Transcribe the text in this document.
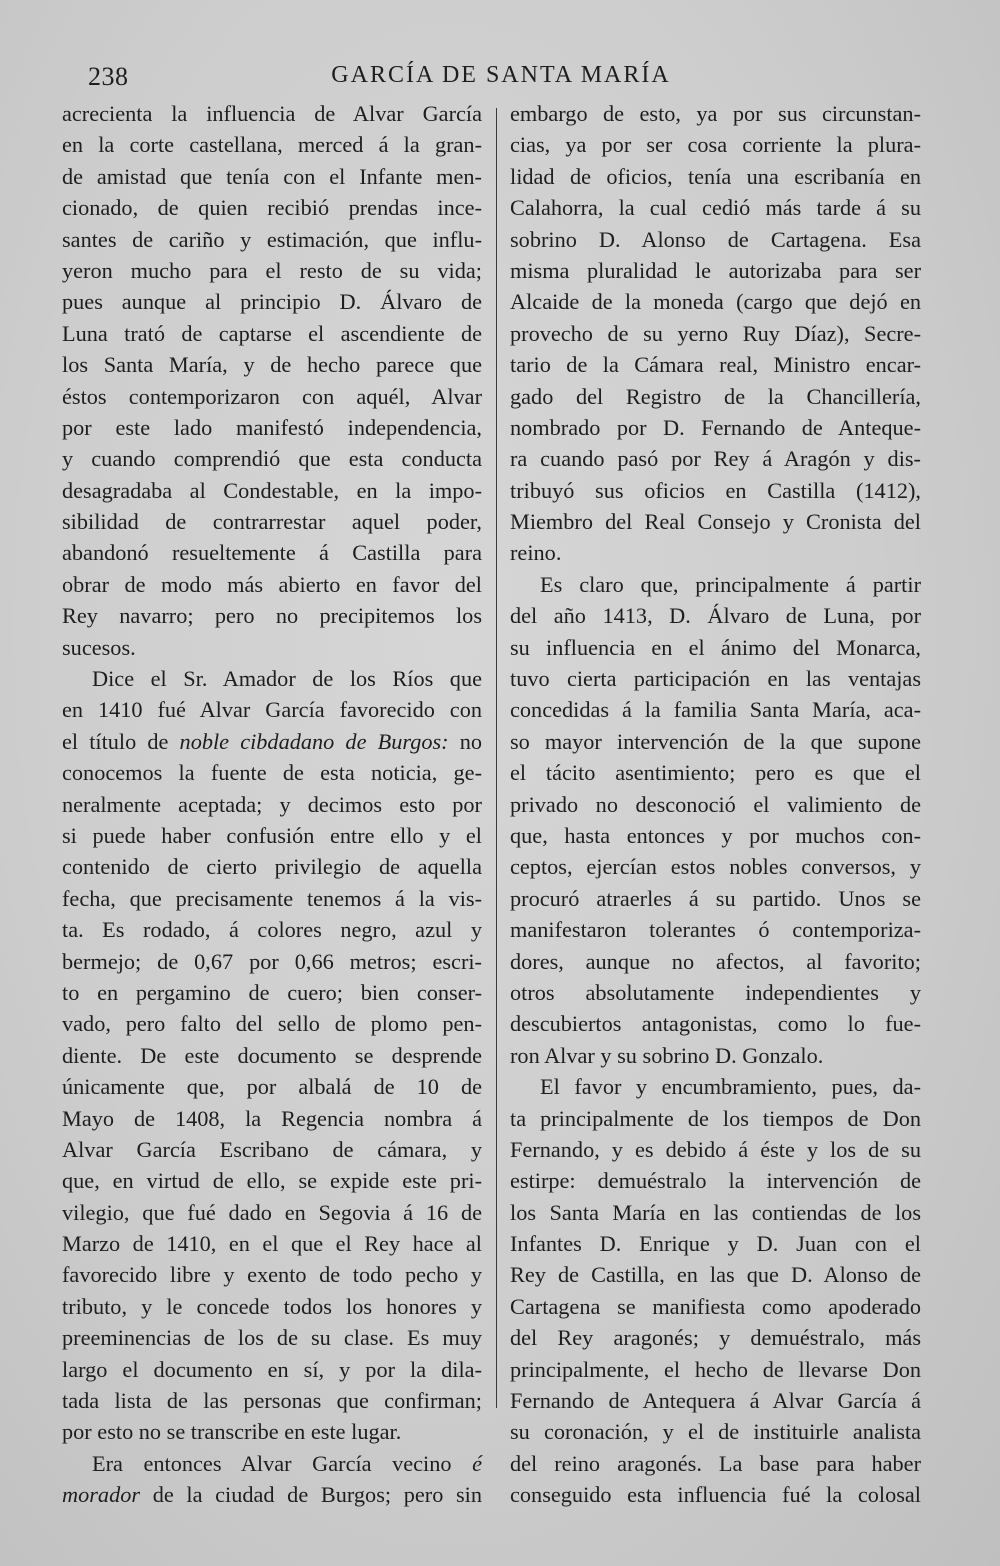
238	GARCÍA DE SANTA MARÍA
acrecienta la influencia de Alvar García
en la corte castellana, merced á la gran-
de amistad que tenía con el Infante men-
cionado, de quien recibió prendas ince-
santes de cariño y estimación, que influ-
yeron mucho para el resto de su vida;
pues aunque al principio D. Álvaro de
Luna trató de captarse el ascendiente de
los Santa María, y de hecho parece que
éstos contemporizaron con aquél, Alvar
por este lado manifestó independencia,
y cuando comprendió que esta conducta
desagradaba al Condestable, en la impo-
sibilidad de contrarrestar aquel poder,
abandonó resueltemente á Castilla para
obrar de modo más abierto en favor del
Rey navarro; pero no precipitemos los
sucesos.
Dice el Sr. Amador de los Ríos que
en 1410 fué Alvar García favorecido con
el título de noble cibdadano de Burgos: no
conocemos la fuente de esta noticia, ge-
neralmente aceptada; y decimos esto por
si puede haber confusión entre ello y el
contenido de cierto privilegio de aquella
fecha, que precisamente tenemos á la vis-
ta. Es rodado, á colores negro, azul y
bermejo; de 0,67 por 0,66 metros; escri-
to en pergamino de cuero; bien conser-
vado, pero falto del sello de plomo pen-
diente. De este documento se desprende
únicamente que, por albalá de 10 de
Mayo de 1408, la Regencia nombra á
Alvar García Escribano de cámara, y
que, en virtud de ello, se expide este pri-
vilegio, que fué dado en Segovia á 16 de
Marzo de 1410, en el que el Rey hace al
favorecido libre y exento de todo pecho y
tributo, y le concede todos los honores y
preeminencias de los de su clase. Es muy
largo el documento en sí, y por la dila-
tada lista de las personas que confirman;
por esto no se transcribe en este lugar.
Era entonces Alvar García vecino é
morador de la ciudad de Burgos; pero sin
embargo de esto, ya por sus circunstan-
cias, ya por ser cosa corriente la plura-
lidad de oficios, tenía una escribanía en
Calahorra, la cual cedió más tarde á su
sobrino D. Alonso de Cartagena. Esa
misma pluralidad le autorizaba para ser
Alcaide de la moneda (cargo que dejó en
provecho de su yerno Ruy Díaz), Secre-
tario de la Cámara real, Ministro encar-
gado del Registro de la Chancillería,
nombrado por D. Fernando de Anteque-
ra cuando pasó por Rey á Aragón y dis-
tribuyó sus oficios en Castilla (1412),
Miembro del Real Consejo y Cronista del
reino.
Es claro que, principalmente á partir
del año 1413, D. Álvaro de Luna, por
su influencia en el ánimo del Monarca,
tuvo cierta participación en las ventajas
concedidas á la familia Santa María, aca-
so mayor intervención de la que supone
el tácito asentimiento; pero es que el
privado no desconoció el valimiento de
que, hasta entonces y por muchos con-
ceptos, ejercían estos nobles conversos, y
procuró atraerles á su partido. Unos se
manifestaron tolerantes ó contemporiza-
dores, aunque no afectos, al favorito;
otros absolutamente independientes y
descubiertos antagonistas, como lo fue-
ron Alvar y su sobrino D. Gonzalo.
El favor y encumbramiento, pues, da-
ta principalmente de los tiempos de Don
Fernando, y es debido á éste y los de su
estirpe: demuéstralo la intervención de
los Santa María en las contiendas de los
Infantes D. Enrique y D. Juan con el
Rey de Castilla, en las que D. Alonso de
Cartagena se manifiesta como apoderado
del Rey aragonés; y demuéstralo, más
principalmente, el hecho de llevarse Don
Fernando de Antequera á Alvar García á
su coronación, y el de instituirle analista
del reino aragonés. La base para haber
conseguido esta influencia fué la colosal
